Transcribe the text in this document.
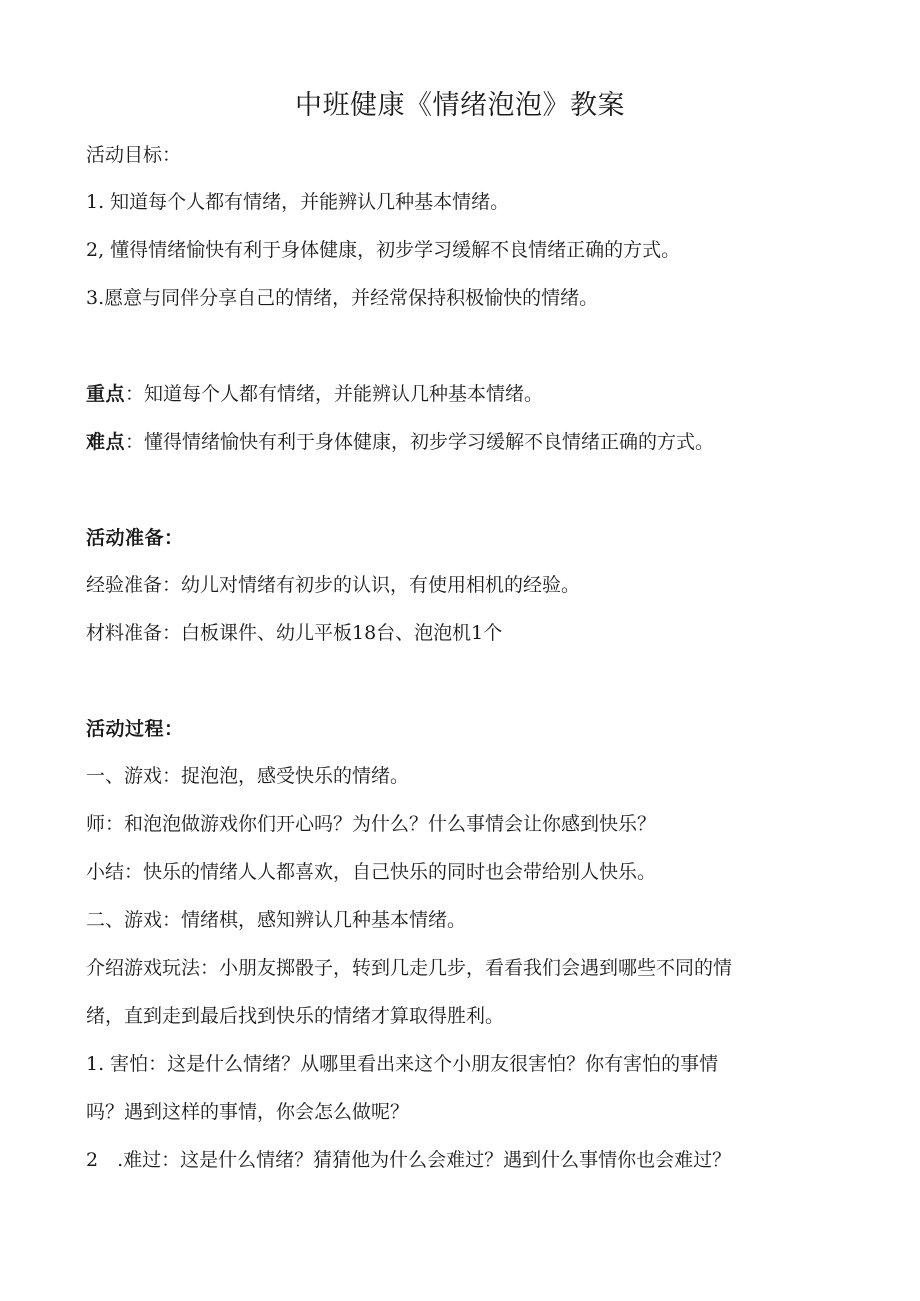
中班健康《情绪泡泡》教案
活动目标：
1. 知道每个人都有情绪，并能辨认几种基本情绪。
2, 懂得情绪愉快有利于身体健康，初步学习缓解不良情绪正确的方式。
3.愿意与同伴分享自己的情绪，并经常保持积极愉快的情绪。
重点：知道每个人都有情绪，并能辨认几种基本情绪。
难点：懂得情绪愉快有利于身体健康，初步学习缓解不良情绪正确的方式。
活动准备：
经验准备：幼儿对情绪有初步的认识，有使用相机的经验。
材料准备：白板课件、幼儿平板18台、泡泡机1个
活动过程：
一、游戏：捉泡泡，感受快乐的情绪。
师：和泡泡做游戏你们开心吗？为什么？什么事情会让你感到快乐？
小结：快乐的情绪人人都喜欢，自己快乐的同时也会带给别人快乐。
二、游戏：情绪棋，感知辨认几种基本情绪。
介绍游戏玩法：小朋友掷骰子，转到几走几步，看看我们会遇到哪些不同的情
绪，直到走到最后找到快乐的情绪才算取得胜利。
1. 害怕：这是什么情绪？从哪里看出来这个小朋友很害怕？你有害怕的事情
吗？遇到这样的事情，你会怎么做呢？
2　.难过：这是什么情绪？猜猜他为什么会难过？遇到什么事情你也会难过？
